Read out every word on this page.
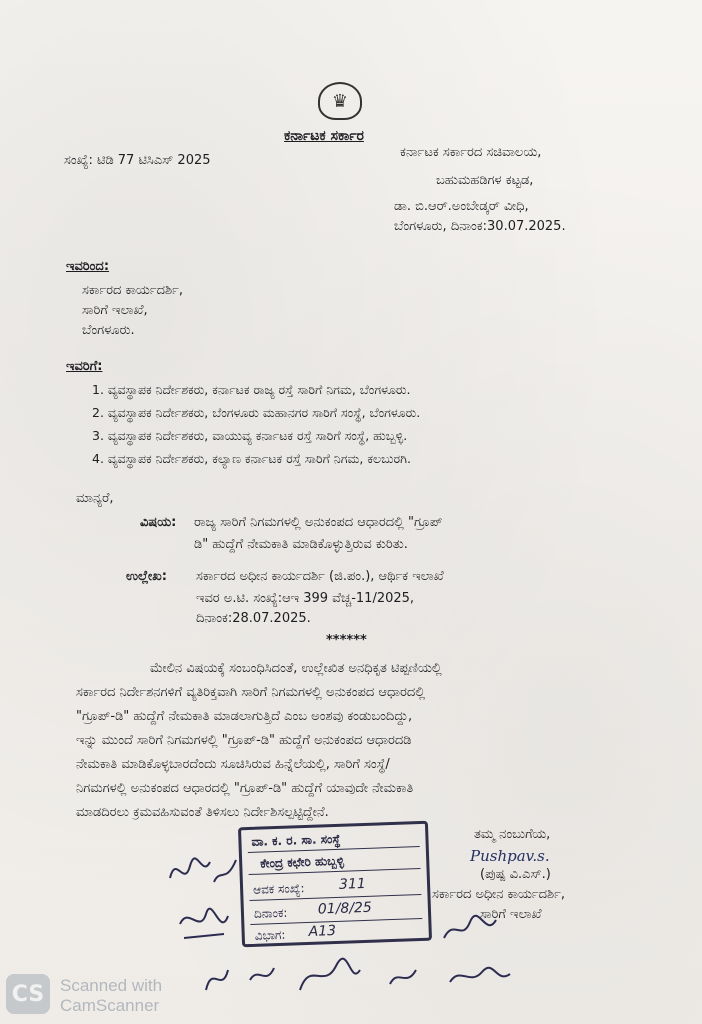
♛
ಕರ್ನಾಟಕ ಸರ್ಕಾರ
ಸಂಖ್ಯೆ: ಟಿಡಿ 77 ಟಿಸಿಎಸ್ 2025
ಕರ್ನಾಟಕ ಸರ್ಕಾರದ ಸಚಿವಾಲಯ,
ಬಹುಮಹಡಿಗಳ ಕಟ್ಟಡ,
ಡಾ. ಬಿ.ಆರ್.ಅಂಬೇಡ್ಕರ್ ವೀಧಿ,
ಬೆಂಗಳೂರು, ದಿನಾಂಕ:30.07.2025.
ಇವರಿಂದ:
ಸರ್ಕಾರದ ಕಾರ್ಯದರ್ಶಿ,
ಸಾರಿಗೆ ಇಲಾಖೆ,
ಬೆಂಗಳೂರು.
ಇವರಿಗೆ:
1. ವ್ಯವಸ್ಥಾಪಕ ನಿರ್ದೇಶಕರು, ಕರ್ನಾಟಕ ರಾಜ್ಯ ರಸ್ತೆ ಸಾರಿಗೆ ನಿಗಮ, ಬೆಂಗಳೂರು.
2. ವ್ಯವಸ್ಥಾಪಕ ನಿರ್ದೇಶಕರು, ಬೆಂಗಳೂರು ಮಹಾನಗರ ಸಾರಿಗೆ ಸಂಸ್ಥೆ, ಬೆಂಗಳೂರು.
3. ವ್ಯವಸ್ಥಾಪಕ ನಿರ್ದೇಶಕರು, ವಾಯುವ್ಯ ಕರ್ನಾಟಕ ರಸ್ತೆ ಸಾರಿಗೆ ಸಂಸ್ಥೆ, ಹುಬ್ಬಳ್ಳಿ.
4. ವ್ಯವಸ್ಥಾಪಕ ನಿರ್ದೇಶಕರು, ಕಲ್ಯಾಣ ಕರ್ನಾಟಕ ರಸ್ತೆ ಸಾರಿಗೆ ನಿಗಮ, ಕಲಬುರಗಿ.
ಮಾನ್ಯರೆ,
ವಿಷಯ: ರಾಜ್ಯ ಸಾರಿಗೆ ನಿಗಮಗಳಲ್ಲಿ ಅನುಕಂಪದ ಆಧಾರದಲ್ಲಿ "ಗ್ರೂಪ್
ಡಿ" ಹುದ್ದೆಗೆ ನೇಮಕಾತಿ ಮಾಡಿಕೊಳ್ಳುತ್ತಿರುವ ಕುರಿತು.
ಉಲ್ಲೇಖ: ಸರ್ಕಾರದ ಅಧೀನ ಕಾರ್ಯದರ್ಶಿ (ಜಿ.ಪಂ.), ಆರ್ಥಿಕ ಇಲಾಖೆ
ಇವರ ಅ.ಟಿ. ಸಂಖ್ಯೆ:ಆಇ 399 ವೆಚ್ಚ-11/2025,
ದಿನಾಂಕ:28.07.2025.
******
ಮೇಲಿನ ವಿಷಯಕ್ಕೆ ಸಂಬಂಧಿಸಿದಂತೆ, ಉಲ್ಲೇಖಿತ ಅನಧಿಕೃತ ಟಿಪ್ಪಣಿಯಲ್ಲಿ
ಸರ್ಕಾರದ ನಿರ್ದೇಶನಗಳಿಗೆ ವ್ಯತಿರಿಕ್ತವಾಗಿ ಸಾರಿಗೆ ನಿಗಮಗಳಲ್ಲಿ ಅನುಕಂಪದ ಆಧಾರದಲ್ಲಿ
"ಗ್ರೂಪ್-ಡಿ" ಹುದ್ದೆಗೆ ನೇಮಕಾತಿ ಮಾಡಲಾಗುತ್ತಿದೆ ಎಂಬ ಅಂಶವು ಕಂಡುಬಂದಿದ್ದು,
ಇನ್ನು ಮುಂದೆ ಸಾರಿಗೆ ನಿಗಮಗಳಲ್ಲಿ "ಗ್ರೂಪ್-ಡಿ" ಹುದ್ದೆಗೆ ಅನುಕಂಪದ ಆಧಾರದಡಿ
ನೇಮಕಾತಿ ಮಾಡಿಕೊಳ್ಳಬಾರದೆಂದು ಸೂಚಿಸಿರುವ ಹಿನ್ನೆಲೆಯಲ್ಲಿ, ಸಾರಿಗೆ ಸಂಸ್ಥೆ/
ನಿಗಮಗಳಲ್ಲಿ ಅನುಕಂಪದ ಆಧಾರದಲ್ಲಿ "ಗ್ರೂಪ್-ಡಿ" ಹುದ್ದೆಗೆ ಯಾವುದೇ ನೇಮಕಾತಿ
ಮಾಡದಿರಲು ಕ್ರಮವಹಿಸುವಂತೆ ತಿಳಿಸಲು ನಿರ್ದೇಶಿಸಲ್ಪಟ್ಟಿದ್ದೇನೆ.
ತಮ್ಮ ನಂಬುಗೆಯ,
Pushpav.s.
(ಪುಷ್ಪ ವಿ.ಎಸ್.)
ಸರ್ಕಾರದ ಅಧೀನ ಕಾರ್ಯದರ್ಶಿ,
ಸಾರಿಗೆ ಇಲಾಖೆ
ವಾ. ಕ. ರ. ಸಾ. ಸಂಸ್ಥೆ
ಕೇಂದ್ರ ಕಛೇರಿ ಹುಬ್ಬಳ್ಳಿ
ಆವಕ ಸಂಖ್ಯೆ: 311
ದಿನಾಂಕ: 01/8/25
ವಿಭಾಗ: A13
CS Scanned with
CamScanner
